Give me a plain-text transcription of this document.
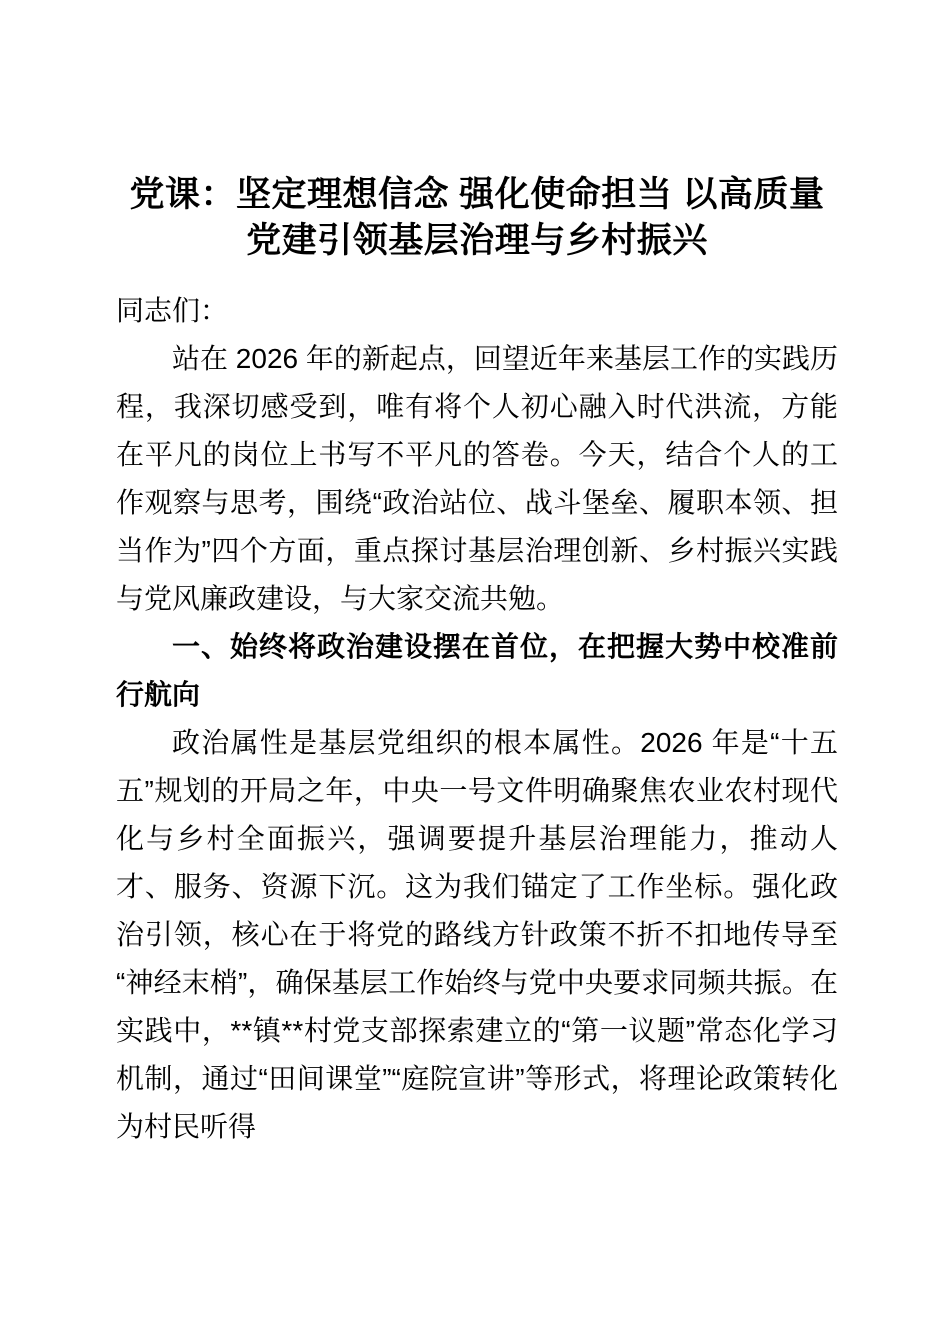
党课：坚定理想信念 强化使命担当 以高质量党建引领基层治理与乡村振兴

同志们：

站在 2026 年的新起点，回望近年来基层工作的实践历程，我深切感受到，唯有将个人初心融入时代洪流，方能在平凡的岗位上书写不平凡的答卷。今天，结合个人的工作观察与思考，围绕“政治站位、战斗堡垒、履职本领、担当作为”四个方面，重点探讨基层治理创新、乡村振兴实践与党风廉政建设，与大家交流共勉。

一、始终将政治建设摆在首位，在把握大势中校准前行航向

政治属性是基层党组织的根本属性。2026 年是“十五五”规划的开局之年，中央一号文件明确聚焦农业农村现代化与乡村全面振兴，强调要提升基层治理能力，推动人才、服务、资源下沉。这为我们锚定了工作坐标。强化政治引领，核心在于将党的路线方针政策不折不扣地传导至“神经末梢”，确保基层工作始终与党中央要求同频共振。在实践中，**镇**村党支部探索建立的“第一议题”常态化学习机制，通过“田间课堂”“庭院宣讲”等形式，将理论政策转化为村民听得
